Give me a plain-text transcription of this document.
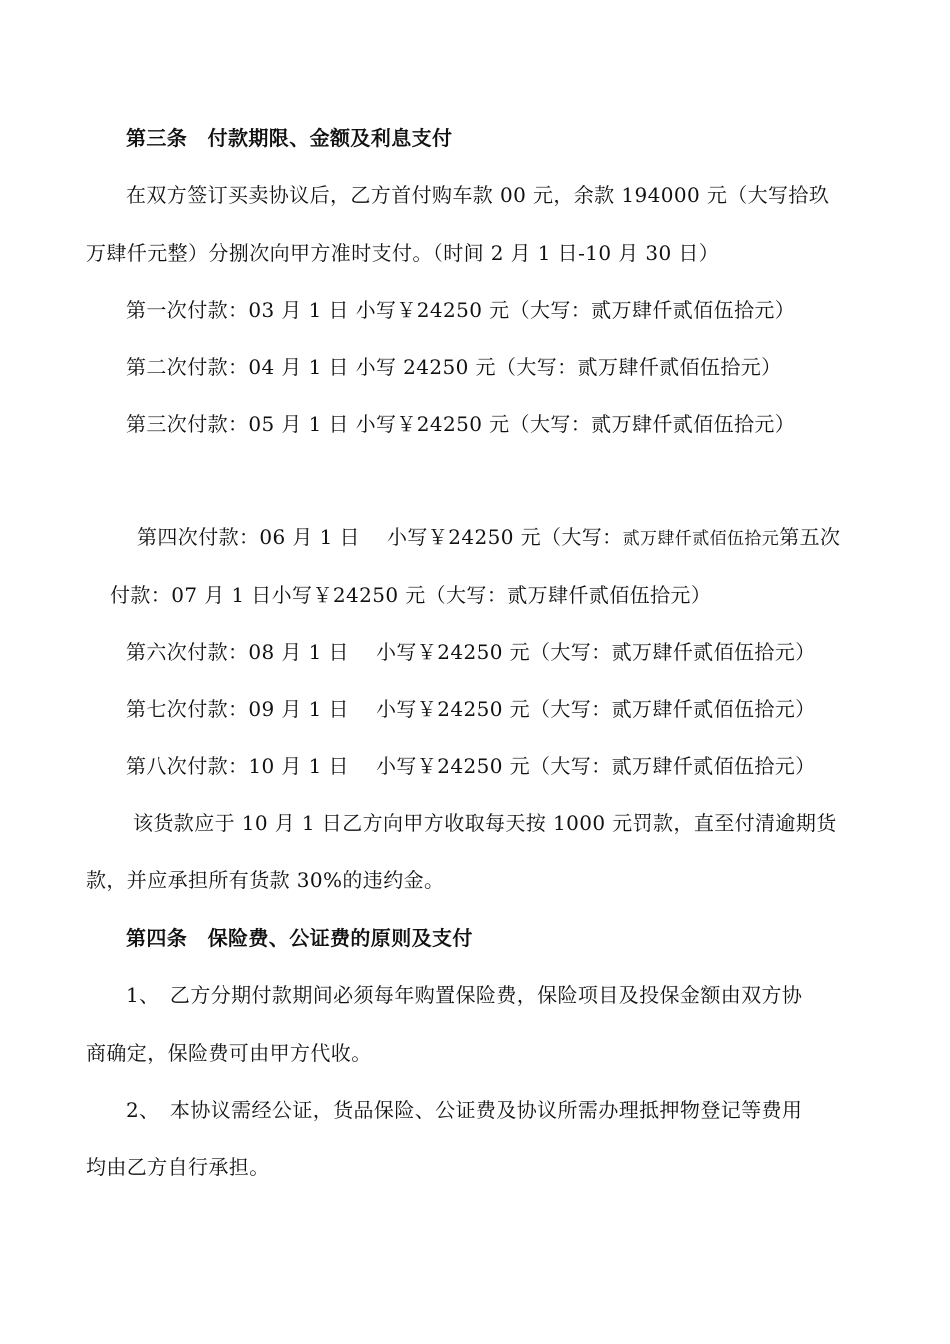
第三条　付款期限、金额及利息支付
在双方签订买卖协议后，乙方首付购车款 00 元，余款 194000 元（大写拾玖
万肆仟元整）分捌次向甲方准时支付。（时间 2 月 1 日-10 月 30 日）
第一次付款：03 月 1 日 小写￥24250 元（大写：贰万肆仟贰佰伍拾元）
第二次付款：04 月 1 日 小写 24250 元（大写：贰万肆仟贰佰伍拾元）
第三次付款：05 月 1 日 小写￥24250 元（大写：贰万肆仟贰佰伍拾元）
第四次付款：06 月 1 日　 小写￥24250 元（大写：贰万肆仟贰佰伍拾元第五次
付款：07 月 1 日小写￥24250 元（大写：贰万肆仟贰佰伍拾元）
第六次付款：08 月 1 日　 小写￥24250 元（大写：贰万肆仟贰佰伍拾元）
第七次付款：09 月 1 日　 小写￥24250 元（大写：贰万肆仟贰佰伍拾元）
第八次付款：10 月 1 日　 小写￥24250 元（大写：贰万肆仟贰佰伍拾元）
该货款应于 10 月 1 日乙方向甲方收取每天按 1000 元罚款，直至付清逾期货
款，并应承担所有货款 30%的违约金。
第四条　保险费、公证费的原则及支付
1、　乙方分期付款期间必须每年购置保险费，保险项目及投保金额由双方协
商确定，保险费可由甲方代收。
2、　本协议需经公证，货品保险、公证费及协议所需办理抵押物登记等费用
均由乙方自行承担。
